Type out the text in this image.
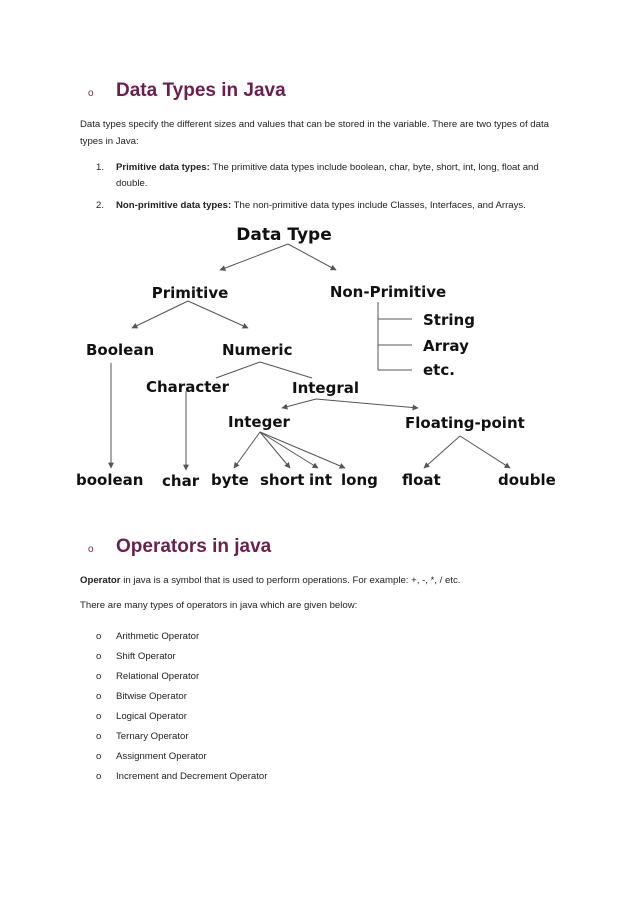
o	Data Types in Java
Data types specify the different sizes and values that can be stored in the variable. There are two types of data
types in Java:
1.	Primitive data types: The primitive data types include boolean, char, byte, short, int, long, float and
double.
2.	Non-primitive data types: The non-primitive data types include Classes, Interfaces, and Arrays.
Data Type
Primitive	Non-Primitive
String
Array
etc.
Boolean	Numeric
Character	Integral
Integer	Floating-point
boolean char byte short int long float	double
o	Operators in java
Operator in java is a symbol that is used to perform operations. For example: +, -, *, / etc.
There are many types of operators in java which are given below:
o	Arithmetic Operator
o	Shift Operator
o	Relational Operator
o	Bitwise Operator
o	Logical Operator
o	Ternary Operator
o	Assignment Operator
o	Increment and Decrement Operator
